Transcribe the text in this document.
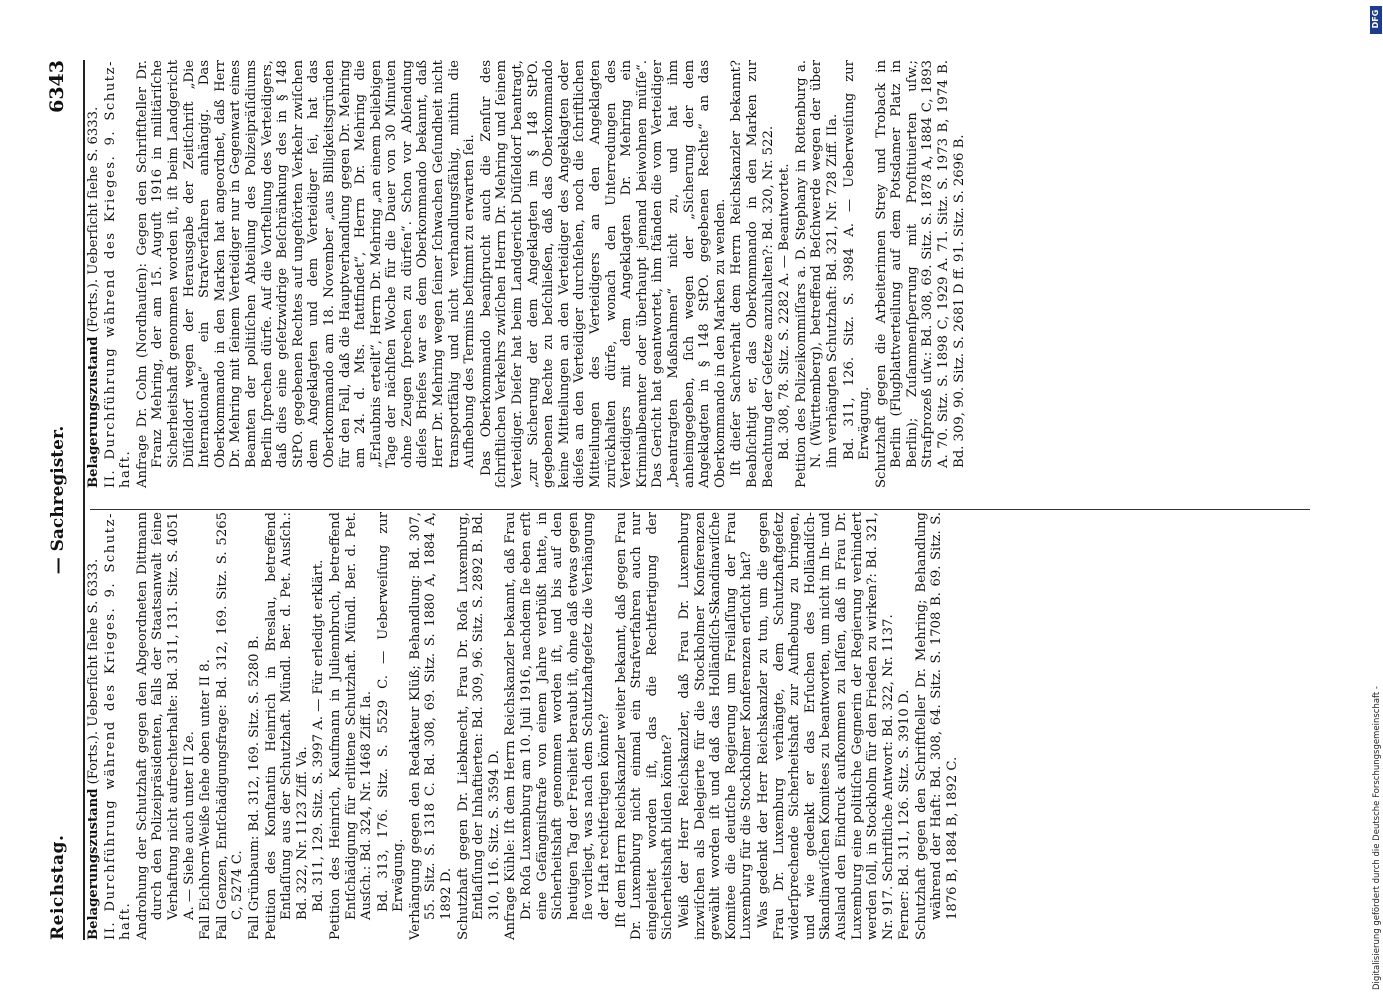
Reichstag.
— Sachregister.
6343

Belagerungszustand (Forts.). Ueberſicht ſiehe S. 6333. II. Durchführung während des Krieges. 9. Schutz-haft. Androhung der Schutzhaft gegen den Abgeordneten Dittmann durch den Polizeipräsidenten, falls der Staatsanwalt ſeine Verhaftung nicht aufrechterhalte: Bd. 311, 131. Sitz. S. 4051 A. — Siehe auch unter II 2e. Fall Eichhorn-Weiße ſiehe oben unter II 8. Fall Genzen, Entſchädigungsfrage: Bd. 312, 169. Sitz. S. 5265 C, 5274 C. Fall Grünbaum: Bd. 312, 169. Sitz. S. 5280 B. Petition des Konſtantin Heinrich in Breslau, betreffend Entlaſſung aus der Schutzhaft. Mündl. Ber. d. Pet. Ausſch.: Bd. 322, Nr. 1123 Ziff. Va. Bd. 311, 129. Sitz. S. 3997 A. — Für erledigt erklärt. Petition des Heinrich, Kaufmann in Juliennbruch, betreffend Entſchädigung für erlittene Schutzhaft. Mündl. Ber. d. Pet. Ausſch.: Bd. 324, Nr. 1468 Ziff. Ia. Bd. 313, 176. Sitz. S. 5529 C. — Ueberweiſung zur Erwägung. Verhängung gegen den Redakteur Klüß; Behandlung: Bd. 307, 55. Sitz. S. 1318 C. Bd. 308, 69. Sitz. S. 1880 A, 1884 A, 1892 D. Schutzhaft gegen Dr. Liebknecht, Frau Dr. Roſa Luxemburg, Entlaſſung der Inhaftierten: Bd. 309, 96. Sitz. S. 2892 B. Bd. 310, 116. Sitz. S. 3594 D. Anfrage Kühle: Iſt dem Herrn Reichskanzler bekannt, daß Frau Dr. Roſa Luxemburg am 10. Juli 1916, nachdem ſie eben erſt eine Gefängnisſtrafe von einem Jahre verbüßt hatte, in Sicherheitshaft genommen worden iſt, und bis auf den heutigen Tag der Freiheit beraubt iſt, ohne daß etwas gegen ſie vorliegt, was nach dem Schutzhaftgeſetz die Verhängung der Haft rechtfertigen könnte? Iſt dem Herrn Reichskanzler weiter bekannt, daß gegen Frau Dr. Luxemburg nicht einmal ein Strafverfahren auch nur eingeleitet worden iſt, das die Rechtfertigung der Sicherheitshaft bilden könnte? Weiß der Herr Reichskanzler, daß Frau Dr. Luxemburg inzwiſchen als Delegierte für die Stockholmer Konferenzen gewählt worden iſt und daß das Holländiſch-Skandinaviſche Komitee die deutſche Regierung um Freilaſſung der Frau Luxemburg für die Stockholmer Konferenzen erſucht hat? Was gedenkt der Herr Reichskanzler zu tun, um die gegen Frau Dr. Luxemburg verhängte, dem Schutzhaftgeſetz widerſprechende Sicherheitshaft zur Aufhebung zu bringen, und wie gedenkt er das Erſuchen des Holländiſch-Skandinaviſchen Komitees zu beantworten, um nicht im In- und Ausland den Eindruck aufkommen zu laſſen, daß in Frau Dr. Luxemburg eine politiſche Gegnerin der Regierung verhindert werden ſoll, in Stockholm für den Frieden zu wirken?: Bd. 321, Nr. 917. Schriftliche Antwort: Bd. 322, Nr. 1137. Ferner: Bd. 311, 126. Sitz. S. 3910 D. Schutzhaft gegen den Schriftſteller Dr. Mehring; Behandlung während der Haft: Bd. 308, 64. Sitz. S. 1708 B. 69. Sitz. S. 1876 B, 1884 B, 1892 C.

Belagerungszustand (Forts.). Ueberſicht ſiehe S. 6333. II. Durchführung während des Krieges. 9. Schutz-haft. Anfrage Dr. Cohn (Nordhauſen): Gegen den Schriftſteller Dr. Franz Mehring, der am 15. Auguſt 1916 in militäriſche Sicherheitshaft genommen worden iſt, iſt beim Landgericht Düſſeldorf wegen der Herausgabe der Zeitſchrift „Die Internationale“ ein Strafverfahren anhängig. Das Oberkommando in den Marken hat angeordnet, daß Herr Dr. Mehring mit ſeinem Verteidiger nur in Gegenwart eines Beamten der politiſchen Abteilung des Polizeipräſidiums Berlin ſprechen dürfe. Auf die Vorſtellung des Verteidigers, daß dies eine geſetzwidrige Beſchränkung des in § 148 StPO. gegebenen Rechtes auf ungeſtörten Verkehr zwiſchen dem Angeklagten und dem Verteidiger ſei, hat das Oberkommando am 18. November „aus Billigkeitsgründen für den Fall, daß die Hauptverhandlung gegen Dr. Mehring am 24. d. Mts. ſtattfindet“, Herrn Dr. Mehring die „Erlaubnis erteilt“, Herrn Dr. Mehring „an einem beliebigen Tage der nächſten Woche für die Dauer von 30 Minuten ohne Zeugen ſprechen zu dürfen“. Schon vor Abſendung dieſes Briefes war es dem Oberkommando bekannt, daß Herr Dr. Mehring wegen ſeiner ſchwachen Geſundheit nicht transportfähig und nicht verhandlungsfähig, mithin die Aufhebung des Termins beſtimmt zu erwarten ſei. Das Oberkommando beanſprucht auch die Zenſur des ſchriftlichen Verkehrs zwiſchen Herrn Dr. Mehring und ſeinem Verteidiger. Dieſer hat beim Landgericht Düſſeldorf beantragt, „zur Sicherung der dem Angeklagten im § 148 StPO. gegebenen Rechte zu beſchließen, daß das Oberkommando keine Mitteilungen an den Verteidiger des Angeklagten oder dieſes an den Verteidiger durchſehen, noch die ſchriftlichen Mitteilungen des Verteidigers an den Angeklagten zurückhalten dürfe, wonach den Unterredungen des Verteidigers mit dem Angeklagten Dr. Mehring ein Kriminalbeamter oder überhaupt jemand beiwohnen müſſe“. Das Gericht hat geantwortet, ihm ſtänden die vom Verteidiger „beantragten Maßnahmen“ nicht zu, und hat ihm anheimgegeben, ſich wegen der „Sicherung der dem Angeklagten in § 148 StPO. gegebenen Rechte“ an das Oberkommando in den Marken zu wenden. Iſt dieſer Sachverhalt dem Herrn Reichskanzler bekannt? Beabſichtigt er, das Oberkommando in den Marken zur Beachtung der Geſetze anzuhalten?: Bd. 320, Nr. 522. Bd. 308, 78. Sitz. S. 2282 A. — Beantwortet. Petition des Polizeikommiſſars a. D. Stephany in Rottenburg a. N. (Württemberg), betreffend Beſchwerde wegen der über ihn verhängten Schutzhaft: Bd. 321, Nr. 728 Ziff. IIa. Bd. 311, 126. Sitz. S. 3984 A. — Ueberweiſung zur Erwägung. Schutzhaft gegen die Arbeiterinnen Strey und Troback in Berlin (Flugblattverteilung auf dem Potsdamer Platz in Berlin); Zuſammenſperrung mit Proſtituierten uſw.; Strafprozeß uſw.: Bd. 308, 69. Sitz. S. 1878 A, 1884 C, 1893 A. 70. Sitz. S. 1898 C, 1929 A. 71. Sitz. S. 1973 B, 1974 B. Bd. 309, 90. Sitz. S. 2681 D ff. 91. Sitz. S. 2696 B.

DFG
Digitalisierung gefördert durch die Deutsche Forschungsgemeinschaft -
